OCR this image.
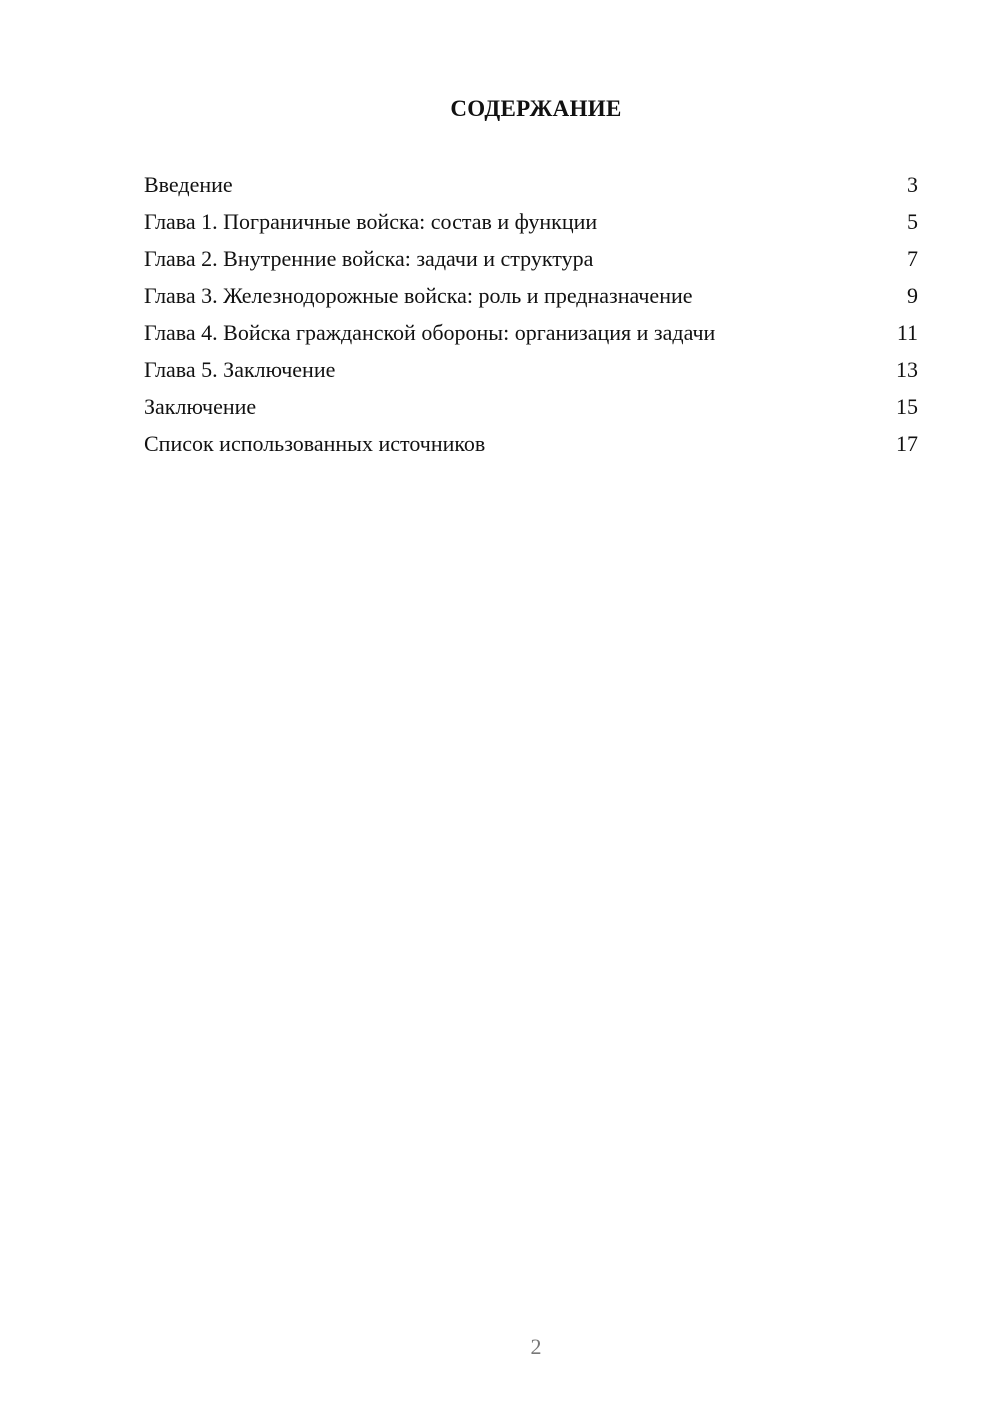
СОДЕРЖАНИЕ
Введение	3
Глава 1. Пограничные войска: состав и функции	5
Глава 2. Внутренние войска: задачи и структура	7
Глава 3. Железнодорожные войска: роль и предназначение	9
Глава 4. Войска гражданской обороны: организация и задачи	11
Глава 5. Заключение	13
Заключение	15
Список использованных источников	17
2
